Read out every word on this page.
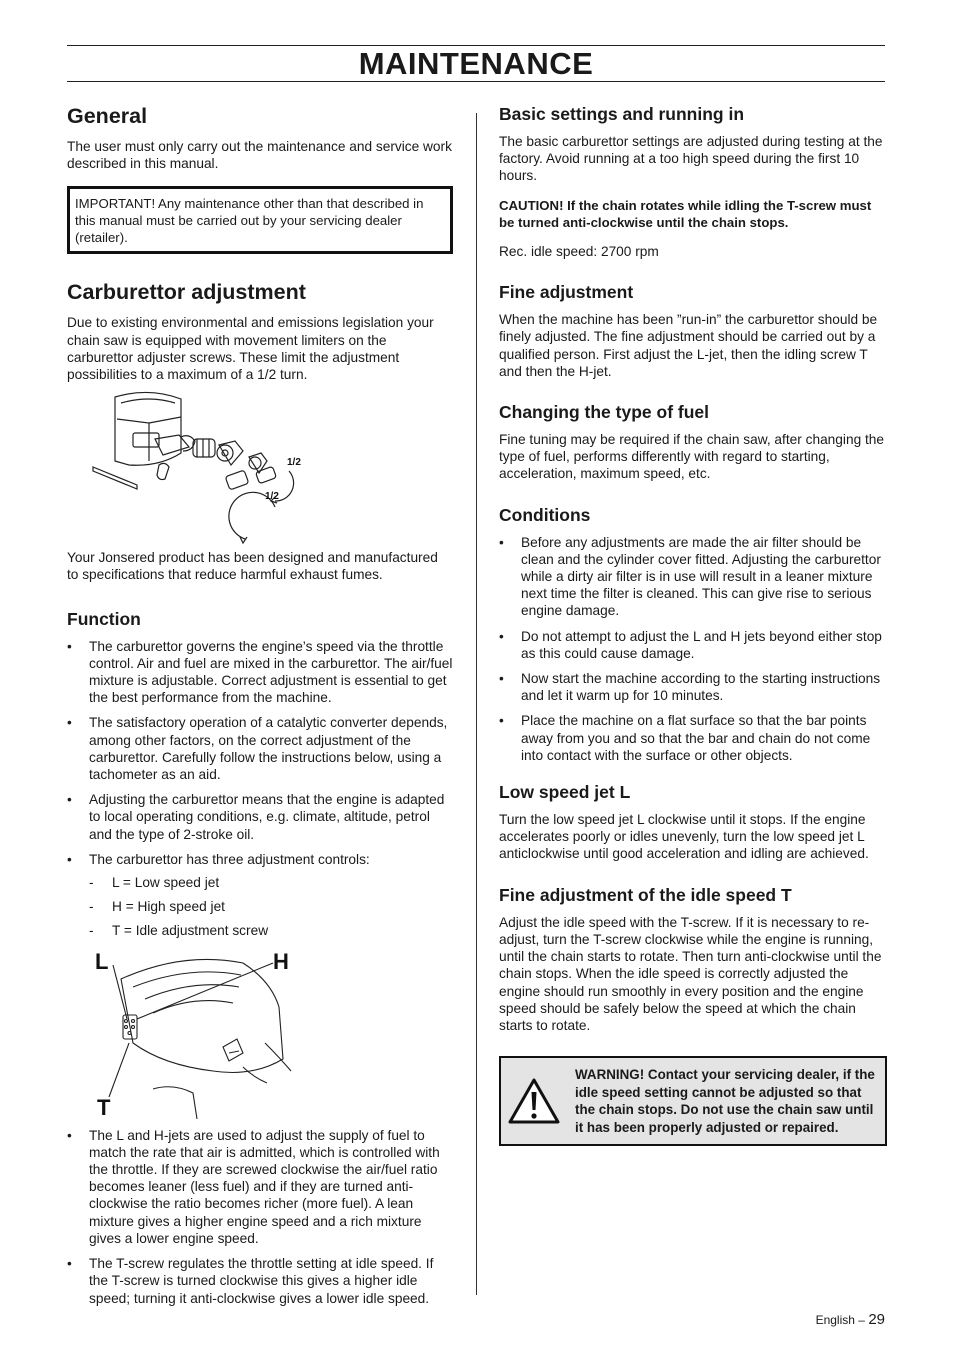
MAINTENANCE
General

The user must only carry out the maintenance and service work described in this manual.

IMPORTANT! Any maintenance other than that described in this manual must be carried out by your servicing dealer (retailer).

Carburettor adjustment

Due to existing environmental and emissions legislation your chain saw is equipped with movement limiters on the carburettor adjuster screws. These limit the adjustment possibilities to a maximum of a 1/2 turn.

1/2
1/2

Your Jonsered product has been designed and manufactured to specifications that reduce harmful exhaust fumes.

Function
• The carburettor governs the engine’s speed via the throttle control. Air and fuel are mixed in the carburettor. The air/fuel mixture is adjustable. Correct adjustment is essential to get the best performance from the machine.
• The satisfactory operation of a catalytic converter depends, among other factors, on the correct adjustment of the carburettor. Carefully follow the instructions below, using a tachometer as an aid.
• Adjusting the carburettor means that the engine is adapted to local operating conditions, e.g. climate, altitude, petrol and the type of 2-stroke oil.
• The carburettor has three adjustment controls:
- L = Low speed jet
- H = High speed jet
- T = Idle adjustment screw
L	H
T
• The L and H-jets are used to adjust the supply of fuel to match the rate that air is admitted, which is controlled with the throttle. If they are screwed clockwise the air/fuel ratio becomes leaner (less fuel) and if they are turned anti-clockwise the ratio becomes richer (more fuel). A lean mixture gives a higher engine speed and a rich mixture gives a lower engine speed.
• The T-screw regulates the throttle setting at idle speed. If the T-screw is turned clockwise this gives a higher idle speed; turning it anti-clockwise gives a lower idle speed.
Basic settings and running in

The basic carburettor settings are adjusted during testing at the factory. Avoid running at a too high speed during the first 10 hours.

CAUTION! If the chain rotates while idling the T-screw must be turned anti-clockwise until the chain stops.

Rec. idle speed: 2700 rpm

Fine adjustment

When the machine has been ”run-in” the carburettor should be finely adjusted. The fine adjustment should be carried out by a qualified person. First adjust the L-jet, then the idling screw T and then the H-jet.

Changing the type of fuel

Fine tuning may be required if the chain saw, after changing the type of fuel, performs differently with regard to starting, acceleration, maximum speed, etc.

Conditions
• Before any adjustments are made the air filter should be clean and the cylinder cover fitted. Adjusting the carburettor while a dirty air filter is in use will result in a leaner mixture next time the filter is cleaned. This can give rise to serious engine damage.
• Do not attempt to adjust the L and H jets beyond either stop as this could cause damage.
• Now start the machine according to the starting instructions and let it warm up for 10 minutes.
• Place the machine on a flat surface so that the bar points away from you and so that the bar and chain do not come into contact with the surface or other objects.
Low speed jet L

Turn the low speed jet L clockwise until it stops. If the engine accelerates poorly or idles unevenly, turn the low speed jet L anticlockwise until good acceleration and idling are achieved.

Fine adjustment of the idle speed T

Adjust the idle speed with the T-screw. If it is necessary to re-adjust, turn the T-screw clockwise while the engine is running, until the chain starts to rotate. Then turn anti-clockwise until the chain stops. When the idle speed is correctly adjusted the engine should run smoothly in every position and the engine speed should be safely below the speed at which the chain starts to rotate.

WARNING! Contact your servicing dealer, if the idle speed setting cannot be adjusted so that the chain stops. Do not use the chain saw until it has been properly adjusted or repaired.
English – 29
